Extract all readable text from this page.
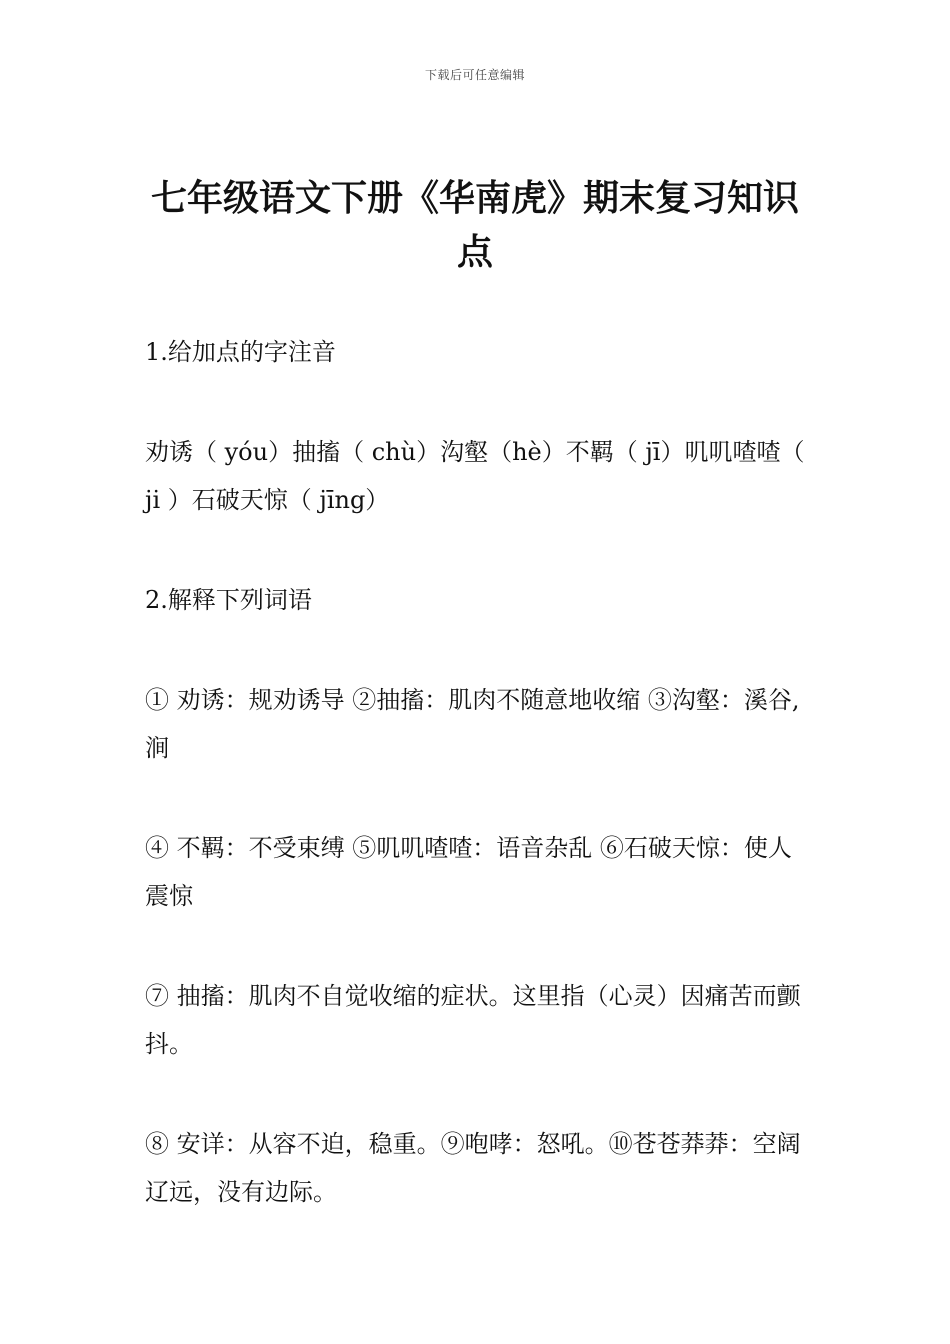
下载后可任意编辑
七年级语文下册《华南虎》期末复习知识点

1.给加点的字注音

劝诱（ yóu）抽搐（ chù）沟壑（hè）不羁（ jī）叽叽喳喳（ ji ）石破天惊（ jīng）

2.解释下列词语

① 劝诱：规劝诱导 ②抽搐：肌肉不随意地收缩 ③沟壑：溪谷,涧

④ 不羁：不受束缚 ⑤叽叽喳喳：语音杂乱 ⑥石破天惊：使人震惊

⑦ 抽搐：肌肉不自觉收缩的症状。这里指（心灵）因痛苦而颤抖。

⑧ 安详：从容不迫，稳重。⑨咆哮：怒吼。⑩苍苍莽莽：空阔辽远，没有边际。
